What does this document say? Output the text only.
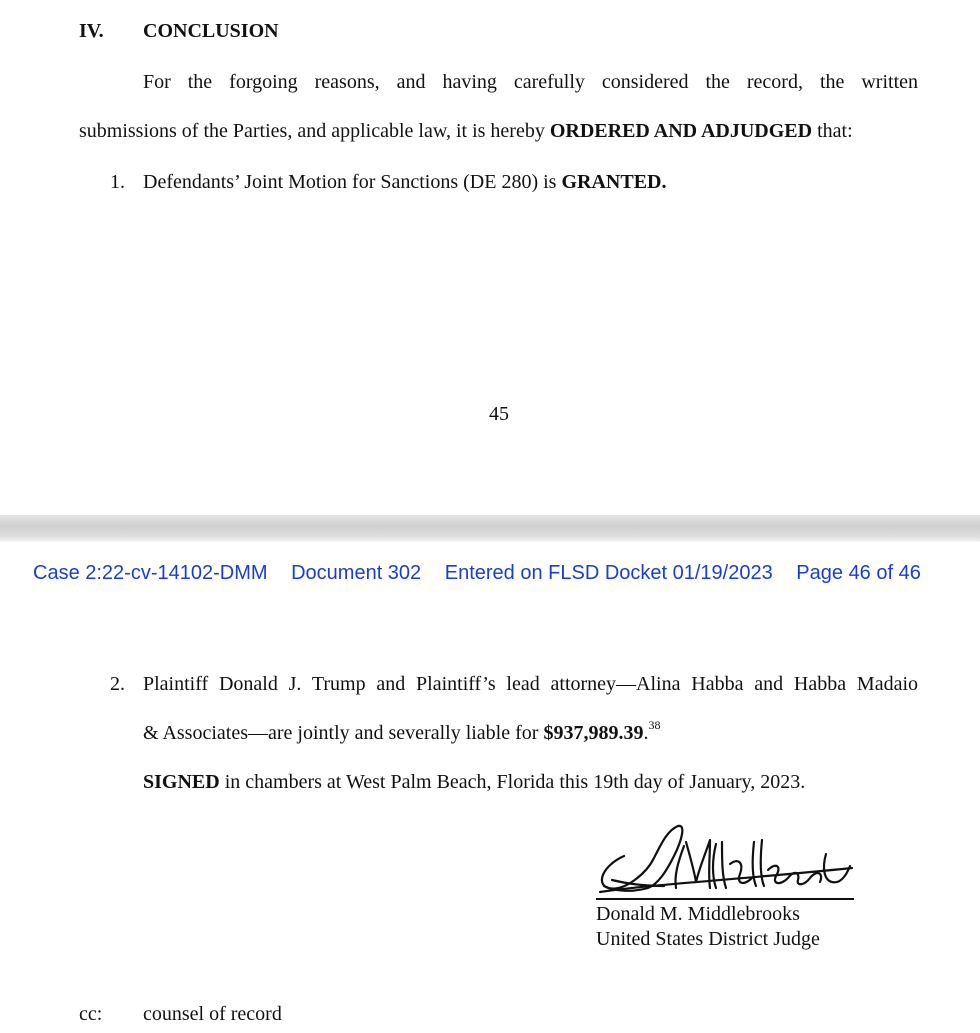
IV. CONCLUSION
For the forgoing reasons, and having carefully considered the record, the written
submissions of the Parties, and applicable law, it is hereby ORDERED AND ADJUDGED that:
1. Defendants’ Joint Motion for Sanctions (DE 280) is GRANTED.
45
Case 2:22-cv-14102-DMM Document 302 Entered on FLSD Docket 01/19/2023 Page 46 of 46
2. Plaintiff Donald J. Trump and Plaintiff’s lead attorney—Alina Habba and Habba Madaio
& Associates—are jointly and severally liable for $937,989.39.38
SIGNED in chambers at West Palm Beach, Florida this 19th day of January, 2023.
Donald M. Middlebrooks
United States District Judge
cc: counsel of record
